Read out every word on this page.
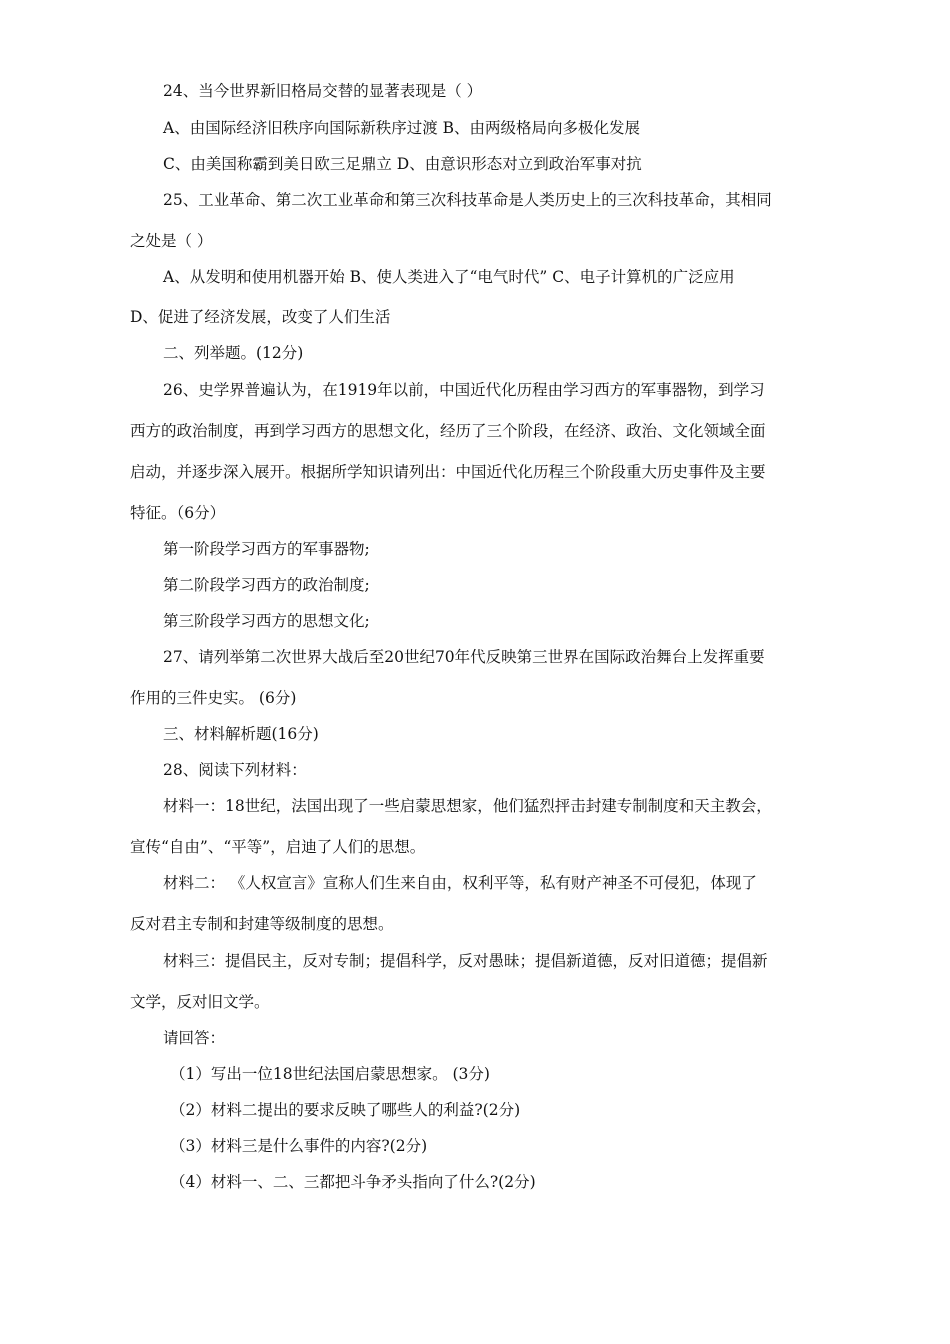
24、当今世界新旧格局交替的显著表现是（ ）
A、由国际经济旧秩序向国际新秩序过渡 B、由两级格局向多极化发展
C、由美国称霸到美日欧三足鼎立 D、由意识形态对立到政治军事对抗
25、工业革命、第二次工业革命和第三次科技革命是人类历史上的三次科技革命，其相同
之处是（ ）
A、从发明和使用机器开始 B、使人类进入了“电气时代” C、电子计算机的广泛应用
D、促进了经济发展，改变了人们生活
二、列举题。(12分)
26、史学界普遍认为，在1919年以前，中国近代化历程由学习西方的军事器物，到学习
西方的政治制度，再到学习西方的思想文化，经历了三个阶段，在经济、政治、文化领域全面
启动，并逐步深入展开。根据所学知识请列出：中国近代化历程三个阶段重大历史事件及主要
特征。（6分）
第一阶段学习西方的军事器物;
第二阶段学习西方的政治制度;
第三阶段学习西方的思想文化;
27、请列举第二次世界大战后至20世纪70年代反映第三世界在国际政治舞台上发挥重要
作用的三件史实。 (6分)
三、材料解析题(16分)
28、阅读下列材料：
材料一：18世纪，法国出现了一些启蒙思想家，他们猛烈抨击封建专制制度和天主教会，
宣传“自由”、“平等”，启迪了人们的思想。
材料二： 《人权宣言》宣称人们生来自由，权利平等，私有财产神圣不可侵犯，体现了
反对君主专制和封建等级制度的思想。
材料三：提倡民主，反对专制；提倡科学，反对愚昧；提倡新道德，反对旧道德；提倡新
文学，反对旧文学。
请回答：
（1）写出一位18世纪法国启蒙思想家。 (3分)
（2）材料二提出的要求反映了哪些人的利益?(2分)
（3）材料三是什么事件的内容?(2分)
（4）材料一、二、三都把斗争矛头指向了什么?(2分)
